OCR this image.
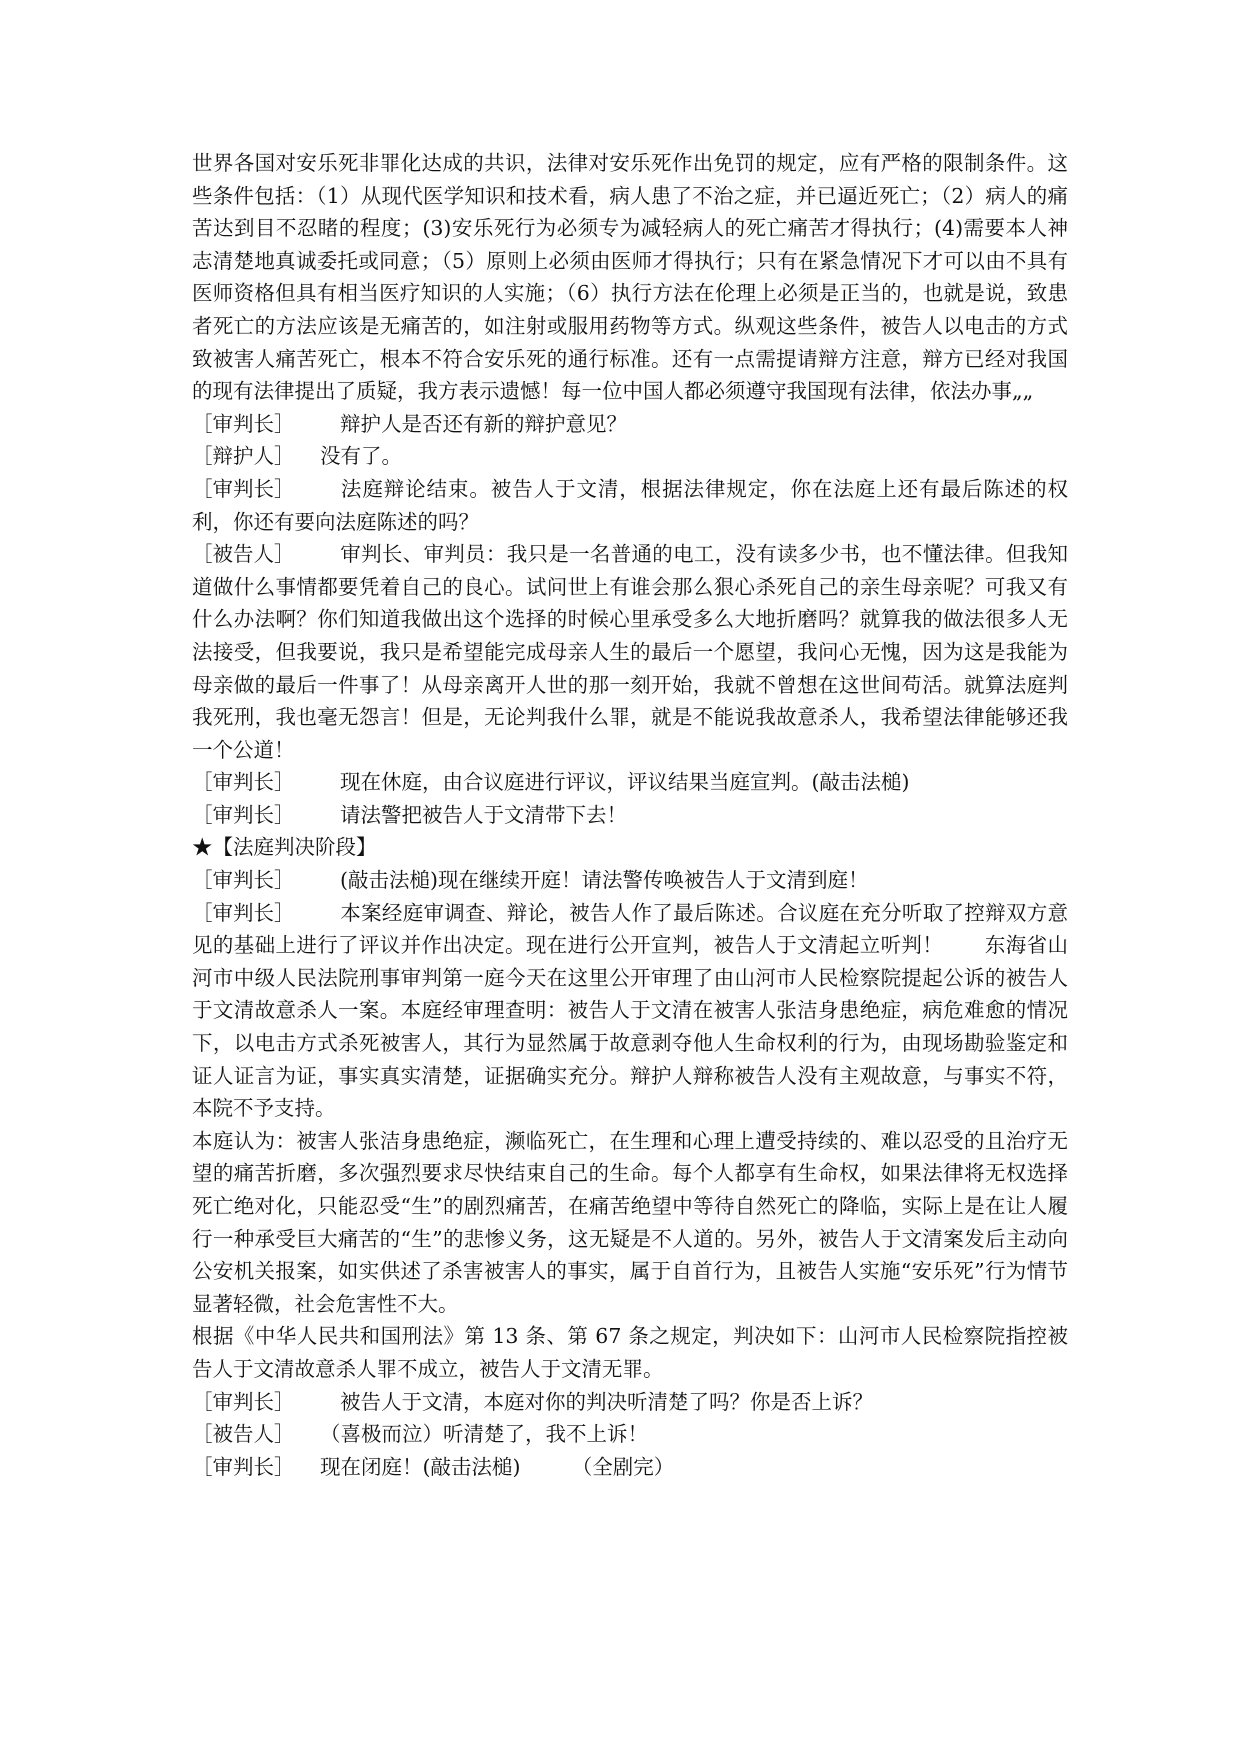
世界各国对安乐死非罪化达成的共识，法律对安乐死作出免罚的规定，应有严格的限制条件。这些条件包括：（1）从现代医学知识和技术看，病人患了不治之症，并已逼近死亡；（2）病人的痛苦达到目不忍睹的程度；(3)安乐死行为必须专为减轻病人的死亡痛苦才得执行；(4)需要本人神志清楚地真诚委托或同意；（5）原则上必须由医师才得执行；只有在紧急情况下才可以由不具有医师资格但具有相当医疗知识的人实施；（6）执行方法在伦理上必须是正当的，也就是说，致患者死亡的方法应该是无痛苦的，如注射或服用药物等方式。纵观这些条件，被告人以电击的方式致被害人痛苦死亡，根本不符合安乐死的通行标准。还有一点需提请辩方注意，辩方已经对我国的现有法律提出了质疑，我方表示遗憾！每一位中国人都必须遵守我国现有法律，依法办事„„

［审判长］ 辩护人是否还有新的辩护意见？

［辩护人］ 没有了。

［审判长］ 法庭辩论结束。被告人于文清，根据法律规定，你在法庭上还有最后陈述的权利，你还有要向法庭陈述的吗？

［被告人］ 审判长、审判员：我只是一名普通的电工，没有读多少书，也不懂法律。但我知道做什么事情都要凭着自己的良心。试问世上有谁会那么狠心杀死自己的亲生母亲呢？可我又有什么办法啊？你们知道我做出这个选择的时候心里承受多么大地折磨吗？就算我的做法很多人无法接受，但我要说，我只是希望能完成母亲人生的最后一个愿望，我问心无愧，因为这是我能为母亲做的最后一件事了！从母亲离开人世的那一刻开始，我就不曾想在这世间苟活。就算法庭判我死刑，我也毫无怨言！但是，无论判我什么罪，就是不能说我故意杀人，我希望法律能够还我一个公道！

［审判长］ 现在休庭，由合议庭进行评议，评议结果当庭宣判。(敲击法槌)

［审判长］ 请法警把被告人于文清带下去！

★【法庭判决阶段】

［审判长］ (敲击法槌)现在继续开庭！请法警传唤被告人于文清到庭！

［审判长］ 本案经庭审调查、辩论，被告人作了最后陈述。合议庭在充分听取了控辩双方意见的基础上进行了评议并作出决定。现在进行公开宣判，被告人于文清起立听判！　　东海省山河市中级人民法院刑事审判第一庭今天在这里公开审理了由山河市人民检察院提起公诉的被告人于文清故意杀人一案。本庭经审理查明：被告人于文清在被害人张洁身患绝症，病危难愈的情况下，以电击方式杀死被害人，其行为显然属于故意剥夺他人生命权利的行为，由现场勘验鉴定和证人证言为证，事实真实清楚，证据确实充分。辩护人辩称被告人没有主观故意，与事实不符，本院不予支持。

本庭认为：被害人张洁身患绝症，濒临死亡，在生理和心理上遭受持续的、难以忍受的且治疗无望的痛苦折磨，多次强烈要求尽快结束自己的生命。每个人都享有生命权，如果法律将无权选择死亡绝对化，只能忍受“生”的剧烈痛苦，在痛苦绝望中等待自然死亡的降临，实际上是在让人履行一种承受巨大痛苦的“生”的悲惨义务，这无疑是不人道的。另外，被告人于文清案发后主动向公安机关报案，如实供述了杀害被害人的事实，属于自首行为，且被告人实施“安乐死”行为情节显著轻微，社会危害性不大。

根据《中华人民共和国刑法》第 13 条、第 67 条之规定，判决如下：山河市人民检察院指控被告人于文清故意杀人罪不成立，被告人于文清无罪。

［审判长］ 被告人于文清，本庭对你的判决听清楚了吗？你是否上诉？

［被告人］ （喜极而泣）听清楚了，我不上诉！

［审判长］ 现在闭庭！(敲击法槌)　　　（全剧完）
